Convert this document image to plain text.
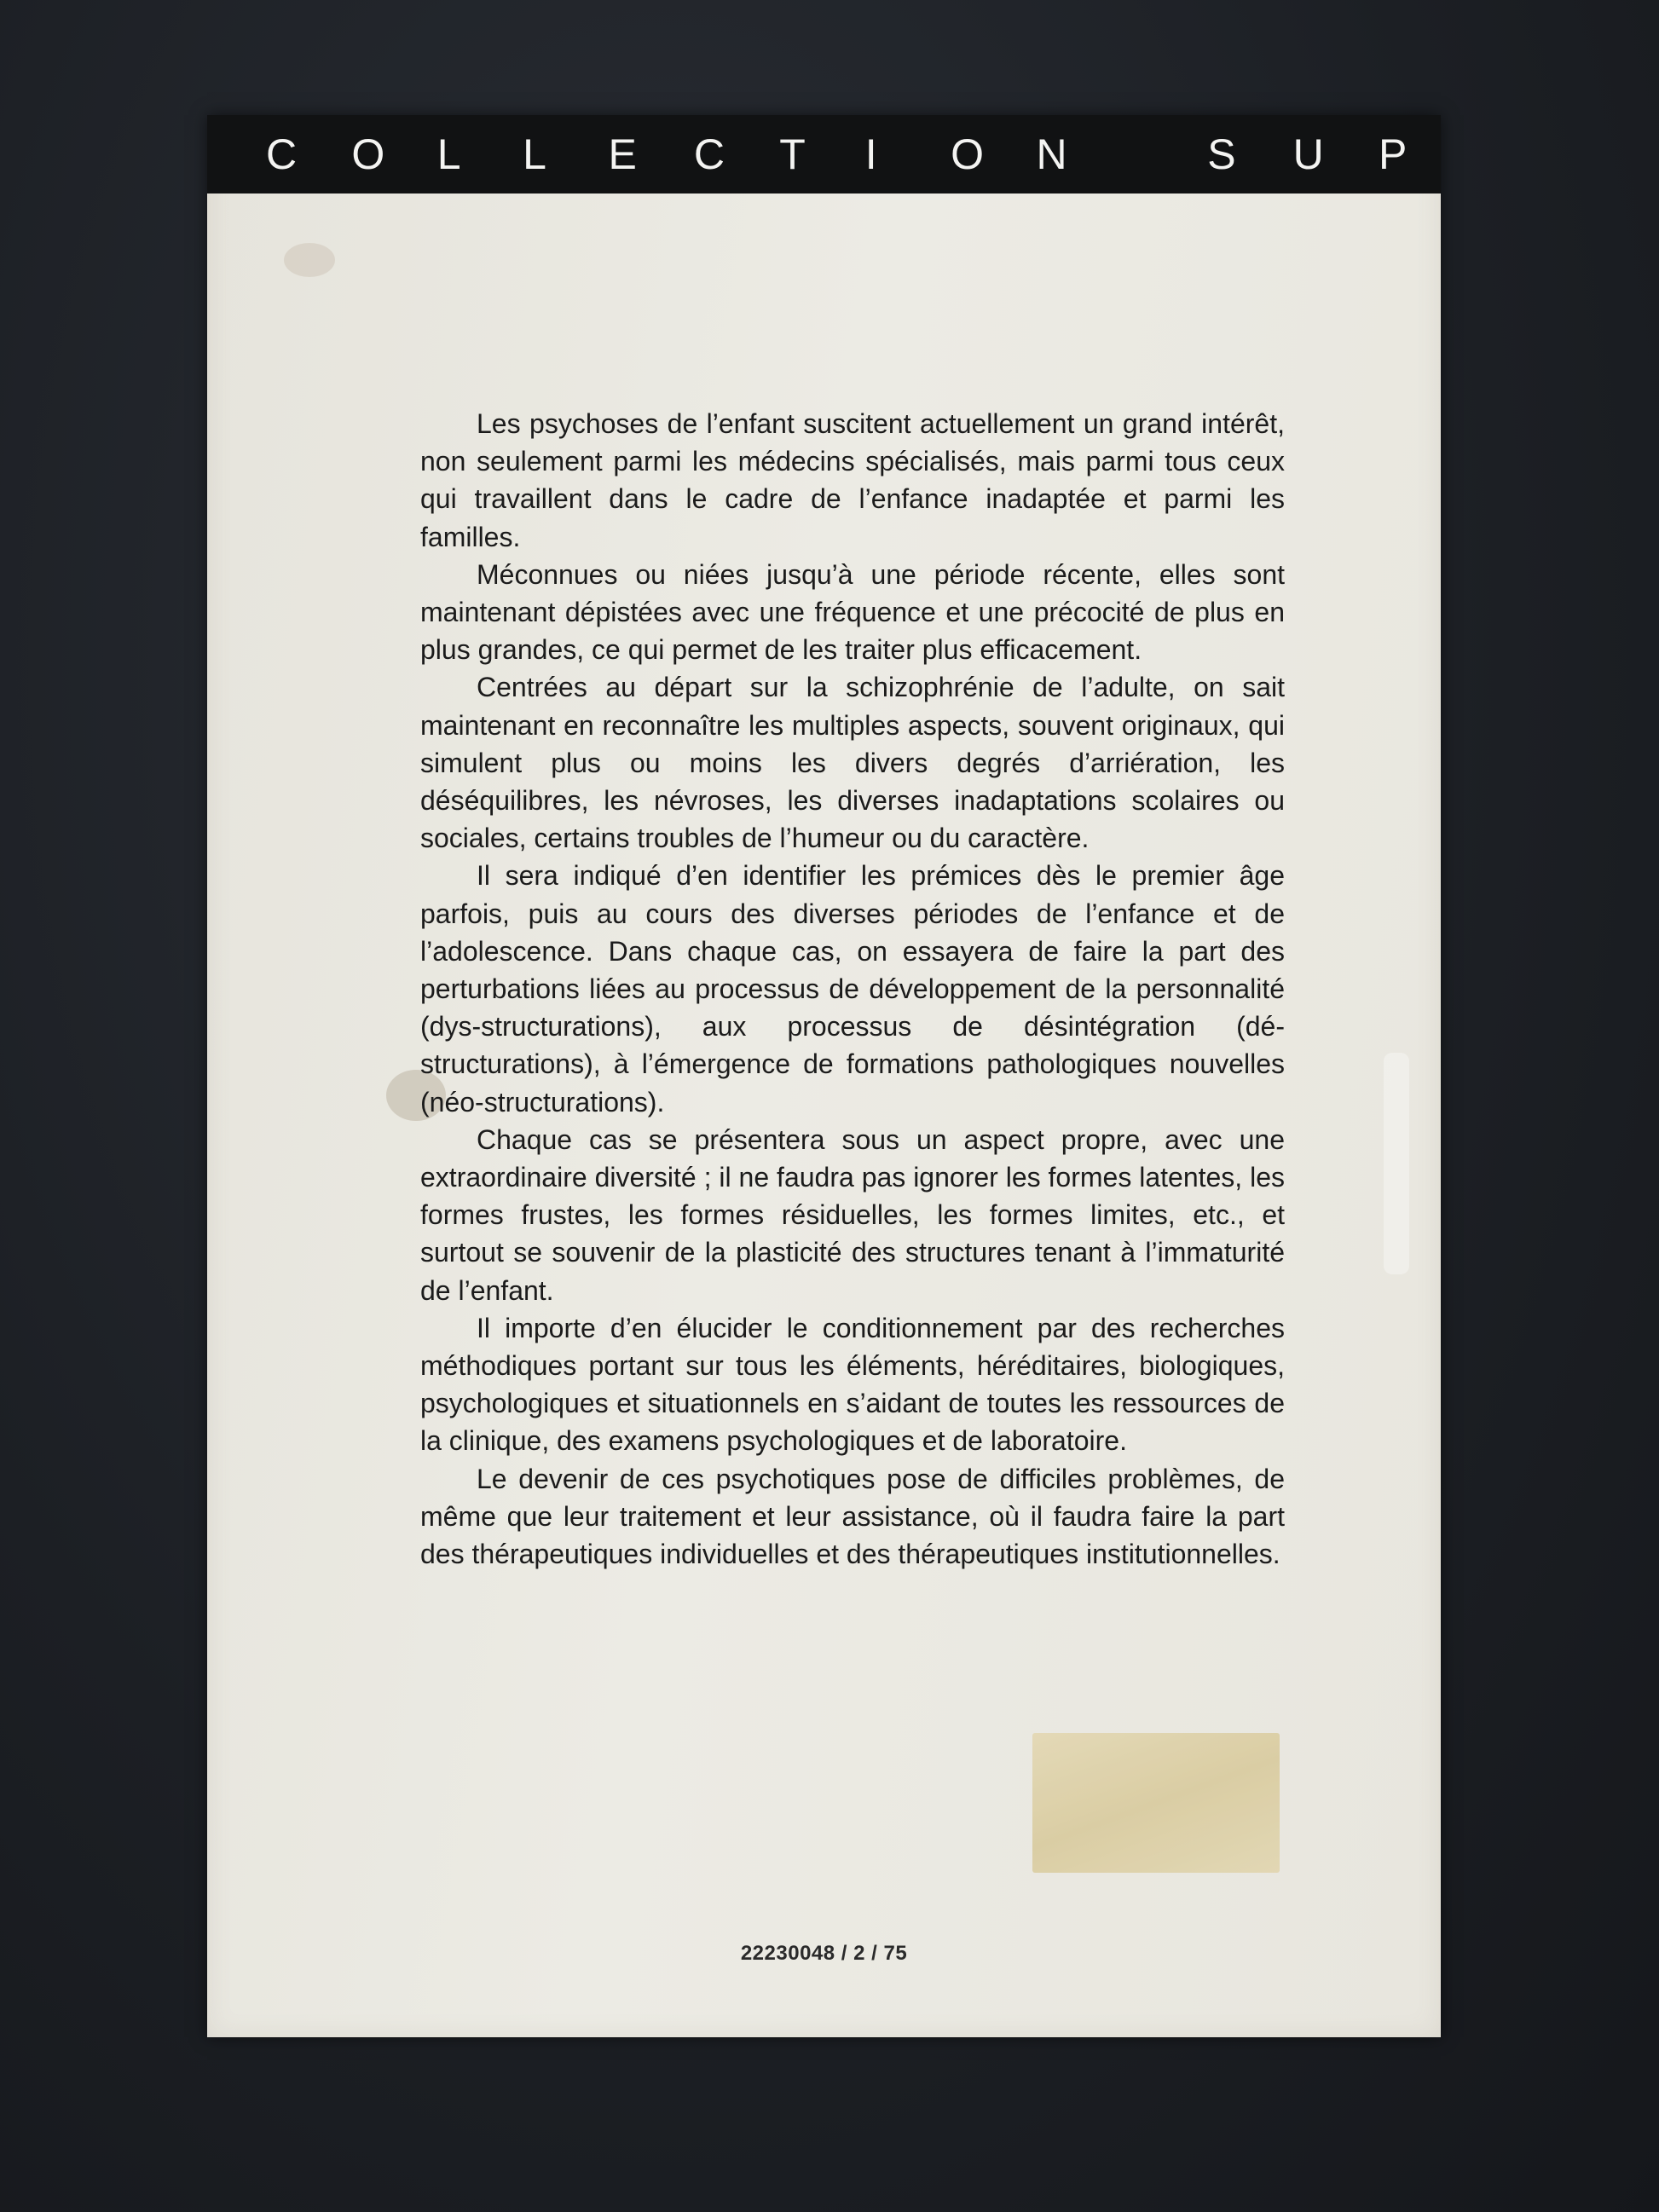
C O L L E C T I O N	S U P

Les psychoses de l’enfant suscitent actuellement un grand intérêt, non seulement parmi les médecins spécialisés, mais parmi tous ceux qui travaillent dans le cadre de l’enfance inadaptée et parmi les familles.

Méconnues ou niées jusqu’à une période récente, elles sont maintenant dépistées avec une fréquence et une précocité de plus en plus grandes, ce qui permet de les traiter plus efficacement.

Centrées au départ sur la schizophrénie de l’adulte, on sait maintenant en reconnaître les multiples aspects, souvent originaux, qui simulent plus ou moins les divers degrés d’arriération, les déséquilibres, les névroses, les diverses inadaptations scolaires ou sociales, certains troubles de l’humeur ou du caractère.

Il sera indiqué d’en identifier les prémices dès le premier âge parfois, puis au cours des diverses périodes de l’enfance et de l’adolescence. Dans chaque cas, on essayera de faire la part des perturbations liées au processus de développement de la personnalité (dys-structurations), aux processus de désintégration (dé-structurations), à l’émergence de formations pathologiques nouvelles (néo-structurations).

Chaque cas se présentera sous un aspect propre, avec une extraordinaire diversité ; il ne faudra pas ignorer les formes latentes, les formes frustes, les formes résiduelles, les formes limites, etc., et surtout se souvenir de la plasticité des structures tenant à l’immaturité de l’enfant.

Il importe d’en élucider le conditionnement par des recherches méthodiques portant sur tous les éléments, héréditaires, biologiques, psychologiques et situationnels en s’aidant de toutes les ressources de la clinique, des examens psychologiques et de laboratoire.

Le devenir de ces psychotiques pose de difficiles problèmes, de même que leur traitement et leur assistance, où il faudra faire la part des thérapeutiques individuelles et des thérapeutiques institutionnelles.

22230048 / 2 / 75
